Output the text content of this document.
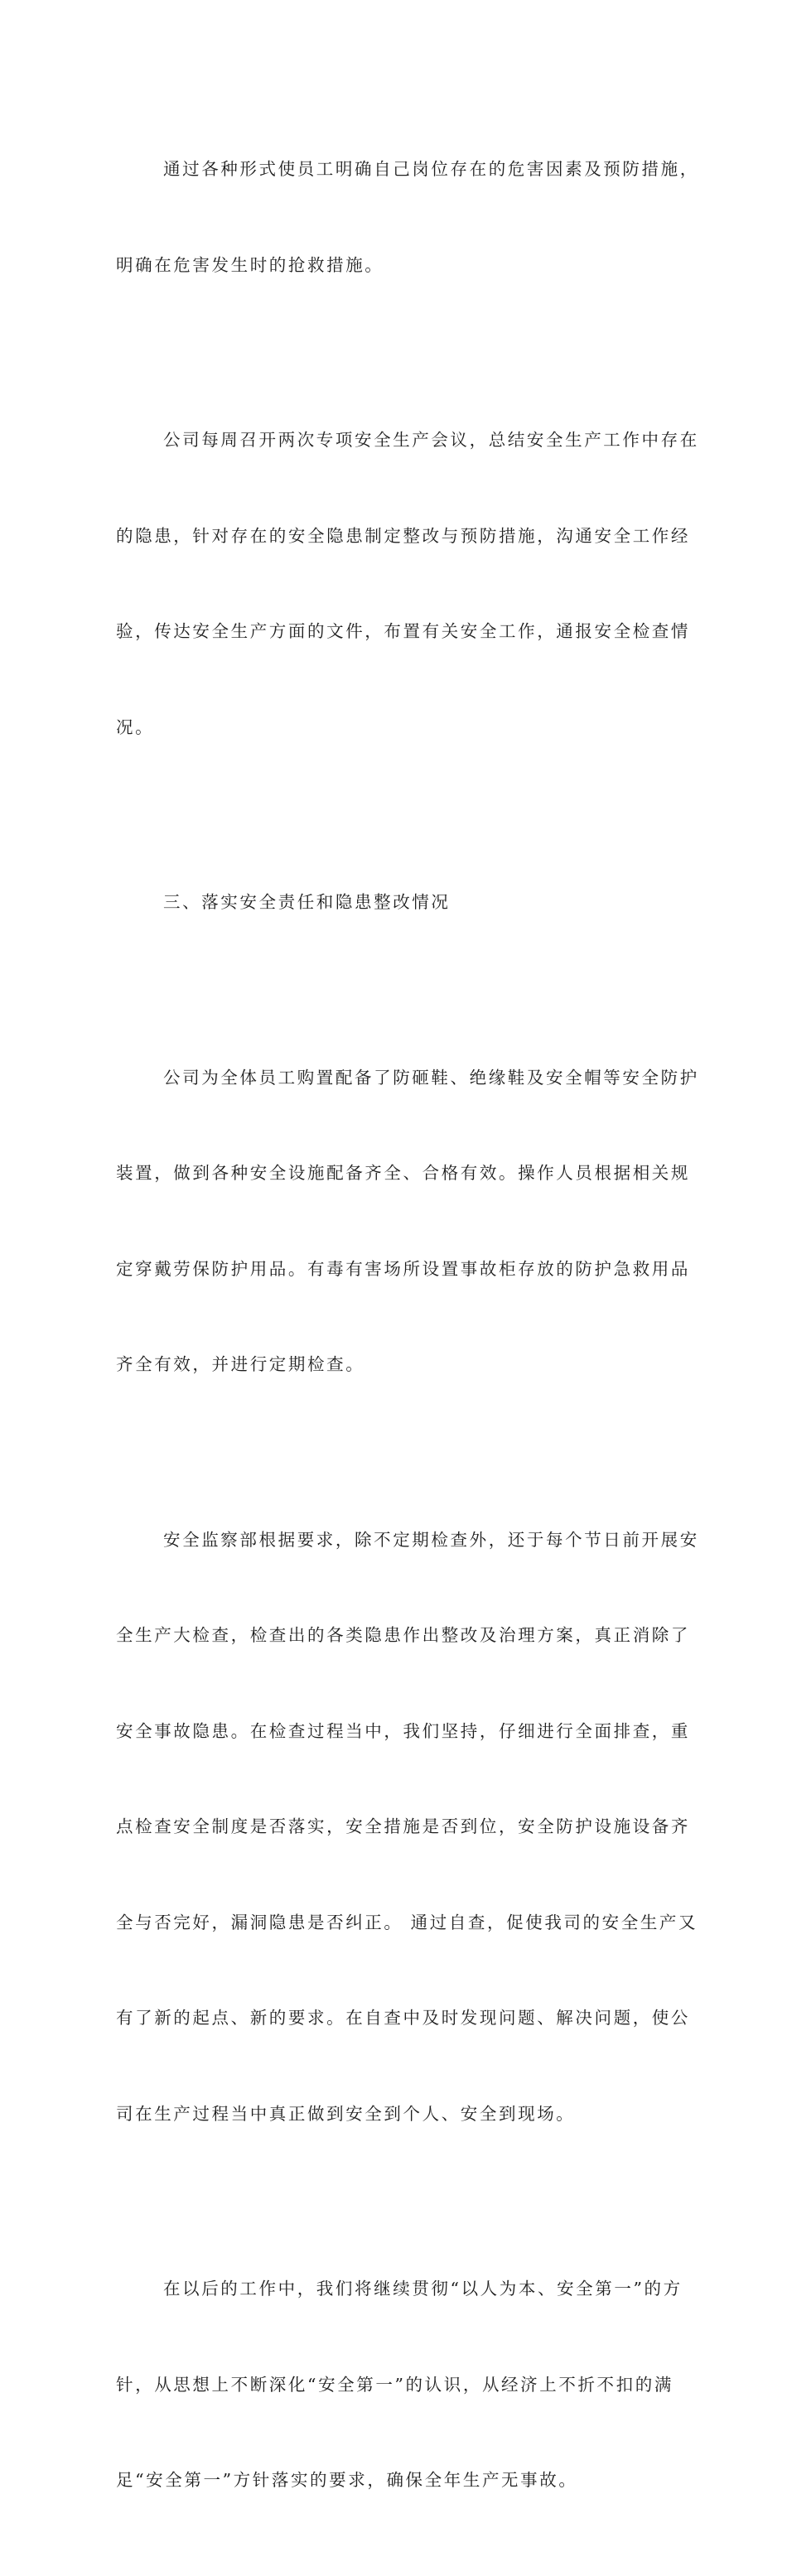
通过各种形式使员工明确自己岗位存在的危害因素及预防措施，

明确在危害发生时的抢救措施。

公司每周召开两次专项安全生产会议，总结安全生产工作中存在

的隐患，针对存在的安全隐患制定整改与预防措施，沟通安全工作经

验，传达安全生产方面的文件，布置有关安全工作，通报安全检查情

况。

三、落实安全责任和隐患整改情况

公司为全体员工购置配备了防砸鞋、绝缘鞋及安全帽等安全防护

装置，做到各种安全设施配备齐全、合格有效。操作人员根据相关规

定穿戴劳保防护用品。有毒有害场所设置事故柜存放的防护急救用品

齐全有效，并进行定期检查。

安全监察部根据要求，除不定期检查外，还于每个节日前开展安

全生产大检查，检查出的各类隐患作出整改及治理方案，真正消除了

安全事故隐患。在检查过程当中，我们坚持，仔细进行全面排查，重

点检查安全制度是否落实，安全措施是否到位，安全防护设施设备齐

全与否完好，漏洞隐患是否纠正。 通过自查，促使我司的安全生产又

有了新的起点、新的要求。在自查中及时发现问题、解决问题，使公

司在生产过程当中真正做到安全到个人、安全到现场。

在以后的工作中，我们将继续贯彻“以人为本、安全第一”的方

针，从思想上不断深化“安全第一”的认识，从经济上不折不扣的满

足“安全第一”方针落实的要求，确保全年生产无事故。
